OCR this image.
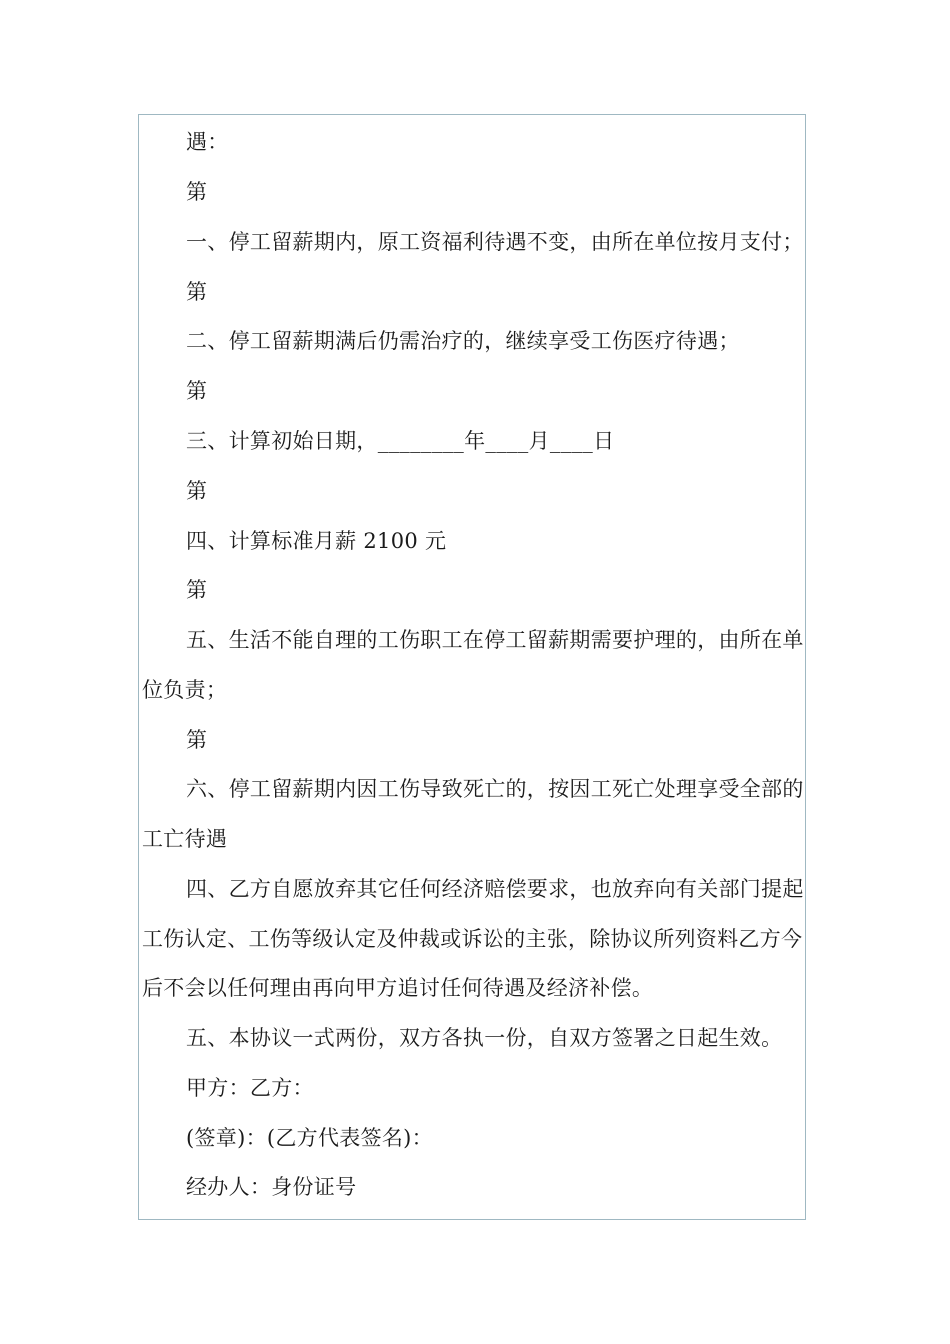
遇：
第
一、停工留薪期内，原工资福利待遇不变，由所在单位按月支付；
第
二、停工留薪期满后仍需治疗的，继续享受工伤医疗待遇；
第
三、计算初始日期，________年____月____日
第
四、计算标准月薪 2100 元
第
五、生活不能自理的工伤职工在停工留薪期需要护理的，由所在单
位负责；
第
六、停工留薪期内因工伤导致死亡的，按因工死亡处理享受全部的
工亡待遇
四、乙方自愿放弃其它任何经济赔偿要求，也放弃向有关部门提起
工伤认定、工伤等级认定及仲裁或诉讼的主张，除协议所列资料乙方今
后不会以任何理由再向甲方追讨任何待遇及经济补偿。
五、本协议一式两份，双方各执一份，自双方签署之日起生效。
甲方：乙方：
(签章)：(乙方代表签名)：
经办人：身份证号
